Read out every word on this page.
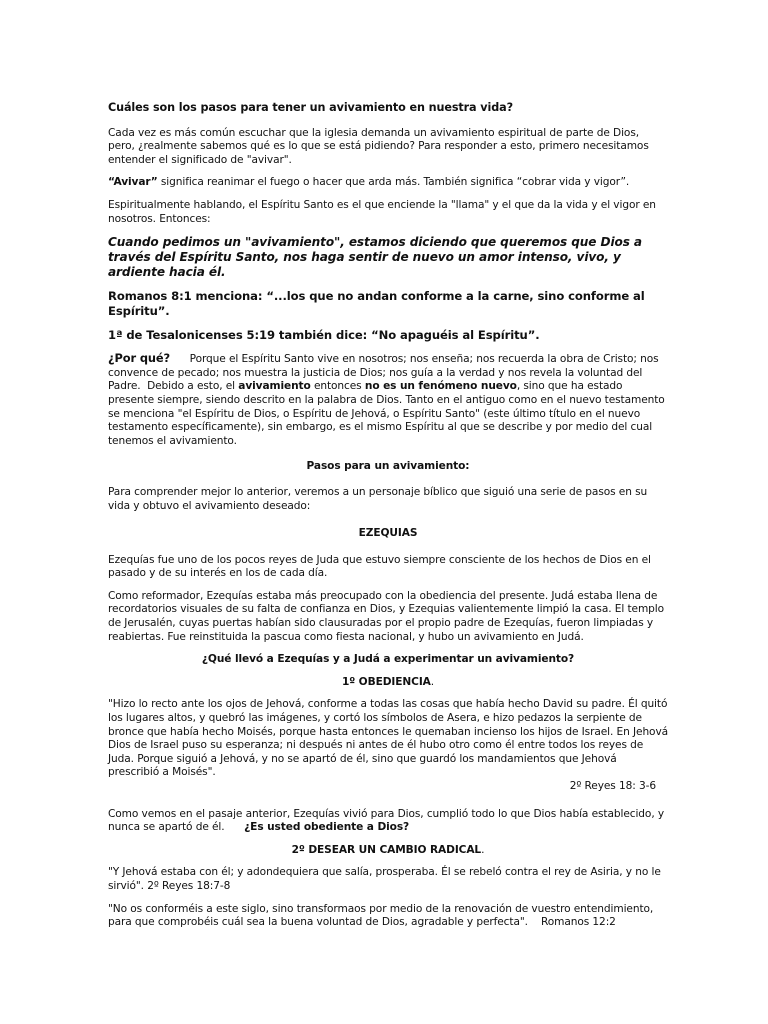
Cuáles son los pasos para tener un avivamiento en nuestra vida?

Cada vez es más común escuchar que la iglesia demanda un avivamiento espiritual de parte de Dios, pero, ¿realmente sabemos qué es lo que se está pidiendo? Para responder a esto, primero necesitamos entender el significado de "avivar".

“Avivar” significa reanimar el fuego o hacer que arda más. También significa “cobrar vida y vigor”.

Espiritualmente hablando, el Espíritu Santo es el que enciende la "llama" y el que da la vida y el vigor en nosotros. Entonces:

Cuando pedimos un "avivamiento", estamos diciendo que queremos que Dios a través del Espíritu Santo, nos haga sentir de nuevo un amor intenso, vivo, y ardiente hacia él.

Romanos 8:1 menciona: “...los que no andan conforme a la carne, sino conforme al Espíritu”.

1ª de Tesalonicenses 5:19 también dice: “No apaguéis al Espíritu”.

¿Por qué?      Porque el Espíritu Santo vive en nosotros; nos enseña; nos recuerda la obra de Cristo; nos convence de pecado; nos muestra la justicia de Dios; nos guía a la verdad y nos revela la voluntad del Padre.  Debido a esto, el avivamiento entonces no es un fenómeno nuevo, sino que ha estado presente siempre, siendo descrito en la palabra de Dios. Tanto en el antiguo como en el nuevo testamento se menciona "el Espíritu de Dios, o Espíritu de Jehová, o Espíritu Santo" (este último título en el nuevo testamento específicamente), sin embargo, es el mismo Espíritu al que se describe y por medio del cual tenemos el avivamiento.

Pasos para un avivamiento:

Para comprender mejor lo anterior, veremos a un personaje bíblico que siguió una serie de pasos en su vida y obtuvo el avivamiento deseado:

EZEQUIAS

Ezequías fue uno de los pocos reyes de Juda que estuvo siempre consciente de los hechos de Dios en el pasado y de su interés en los de cada día.

Como reformador, Ezequías estaba más preocupado con la obediencia del presente. Judá estaba llena de recordatorios visuales de su falta de confianza en Dios, y Ezequias valientemente limpió la casa. El templo de Jerusalén, cuyas puertas habían sido clausuradas por el propio padre de Ezequías, fueron limpiadas y reabiertas. Fue reinstituida la pascua como fiesta nacional, y hubo un avivamiento en Judá.

¿Qué llevó a Ezequías y a Judá a experimentar un avivamiento?

1º OBEDIENCIA.

"Hizo lo recto ante los ojos de Jehová, conforme a todas las cosas que había hecho David su padre. Él quitó los lugares altos, y quebró las imágenes, y cortó los símbolos de Asera, e hizo pedazos la serpiente de bronce que había hecho Moisés, porque hasta entonces le quemaban incienso los hijos de Israel. En Jehová Dios de Israel puso su esperanza; ni después ni antes de él hubo otro como él entre todos los reyes de Juda. Porque siguió a Jehová, y no se apartó de él, sino que guardó los mandamientos que Jehová prescribió a Moisés".

2º Reyes 18: 3-6

Como vemos en el pasaje anterior, Ezequías vivió para Dios, cumplió todo lo que Dios había establecido, y nunca se apartó de él.      ¿Es usted obediente a Dios?

2º DESEAR UN CAMBIO RADICAL.

"Y Jehová estaba con él; y adondequiera que salía, prosperaba. Él se rebeló contra el rey de Asiria, y no le sirvió". 2º Reyes 18:7-8

"No os conforméis a este siglo, sino transformaos por medio de la renovación de vuestro entendimiento, para que comprobéis cuál sea la buena voluntad de Dios, agradable y perfecta".    Romanos 12:2
